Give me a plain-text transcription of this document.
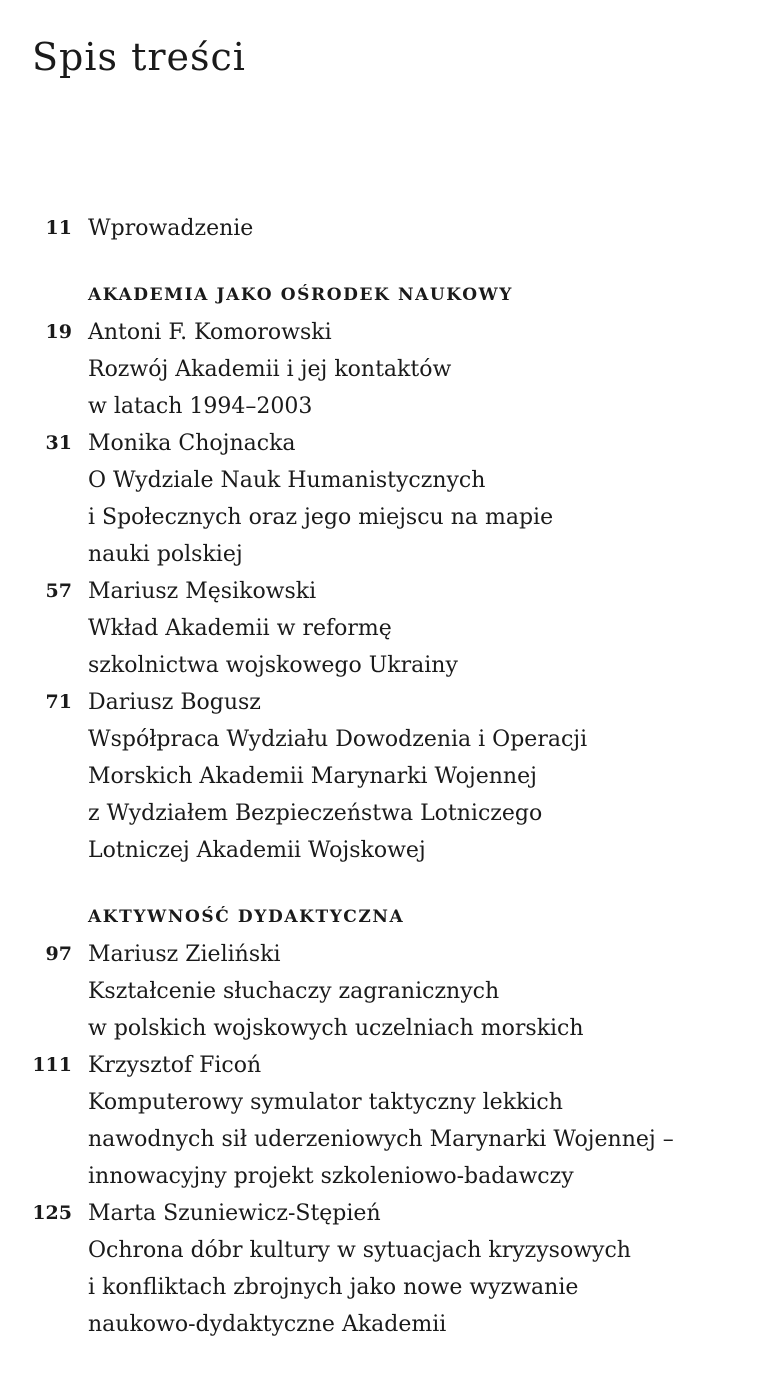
Spis treści
11 Wprowadzenie
AKADEMIA JAKO OŚRODEK NAUKOWY
19 Antoni F. Komorowski
Rozwój Akademii i jej kontaktów
w latach 1994–2003
31 Monika Chojnacka
O Wydziale Nauk Humanistycznych
i Społecznych oraz jego miejscu na mapie
nauki polskiej
57 Mariusz Męsikowski
Wkład Akademii w reformę
szkolnictwa wojskowego Ukrainy
71 Dariusz Bogusz
Współpraca Wydziału Dowodzenia i Operacji
Morskich Akademii Marynarki Wojennej
z Wydziałem Bezpieczeństwa Lotniczego
Lotniczej Akademii Wojskowej
AKTYWNOŚĆ DYDAKTYCZNA
97 Mariusz Zieliński
Kształcenie słuchaczy zagranicznych
w polskich wojskowych uczelniach morskich
111 Krzysztof Ficoń
Komputerowy symulator taktyczny lekkich
nawodnych sił uderzeniowych Marynarki Wojennej –
innowacyjny projekt szkoleniowo-badawczy
125 Marta Szuniewicz-Stępień
Ochrona dóbr kultury w sytuacjach kryzysowych
i konfliktach zbrojnych jako nowe wyzwanie
naukowo-dydaktyczne Akademii
